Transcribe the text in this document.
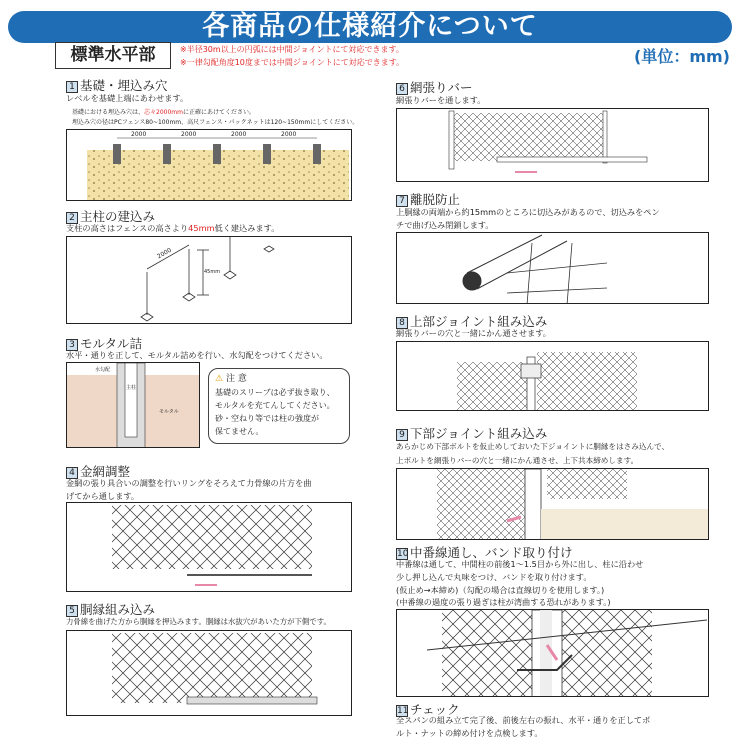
各商品の仕様紹介について
標準水平部	※半径30m以上の円弧には中間ジョイントにて対応できます。
※一律勾配角度10度までは中間ジョイントにて対応できます。	(単位：mm)
1 基礎・埋込み穴
レベルを基礎上端にあわせます。
基礎における埋込み穴は、芯々2000mmに正確にあけてください。
埋込み穴の径はPCフェンス80~100mm、高尺フェンス・パックネットは120~150mmにしてください。
2000	2000	2000	2000
2 主柱の建込み
支柱の高さはフェンスの高さより45mm低く建込みます。
2000
45mm
3 モルタル詰
水平・通りを正して、モルタル詰めを行い、水勾配をつけてください。
水勾配
主柱
モルタル
⚠ 注 意
基礎のスリーブは必ず抜き取り、
モルタルを充てんしてください。
砂・空ねり等では柱の強度が
保てません。
4 金網調整
金網の張り具合いの調整を行いリングをそろえて力骨線の片方を曲
げてから通します。
5 胴縁組み込み
力骨線を曲げた方から胴縁を押込みます。胴縁は水抜穴があいた方が下側です。
6 網張りバー
網張りバーを通します。
7 離脱防止
上胴縁の両端から約15mmのところに切込みがあるので、切込みをペン
チで曲げ込み閉鎖します。
8 上部ジョイント組み込み
網張りバーの穴と一緒にかん通させます。
9 下部ジョイント組み込み
あらかじめ下部ボルトを仮止めしておいた下ジョイントに胴縁をはさみ込んで、
上ボルトを網張りバーの穴と一緒にかん通させ、上下共本締めします。
10 中番線通し、バンド取り付け
中番線は通して、中間柱の前後1～1.5目から外に出し、柱に沿わせ
少し押し込んで丸味をつけ、バンドを取り付けます。
(仮止め→本締め)（勾配の場合は直線切りを使用します。)
(中番線の過度の張り過ぎは柱が湾曲する恐れがあります。)
11 チェック
全スパンの組み立て完了後、前後左右の振れ、水平・通りを正してボ
ルト・ナットの締め付けを点検します。
